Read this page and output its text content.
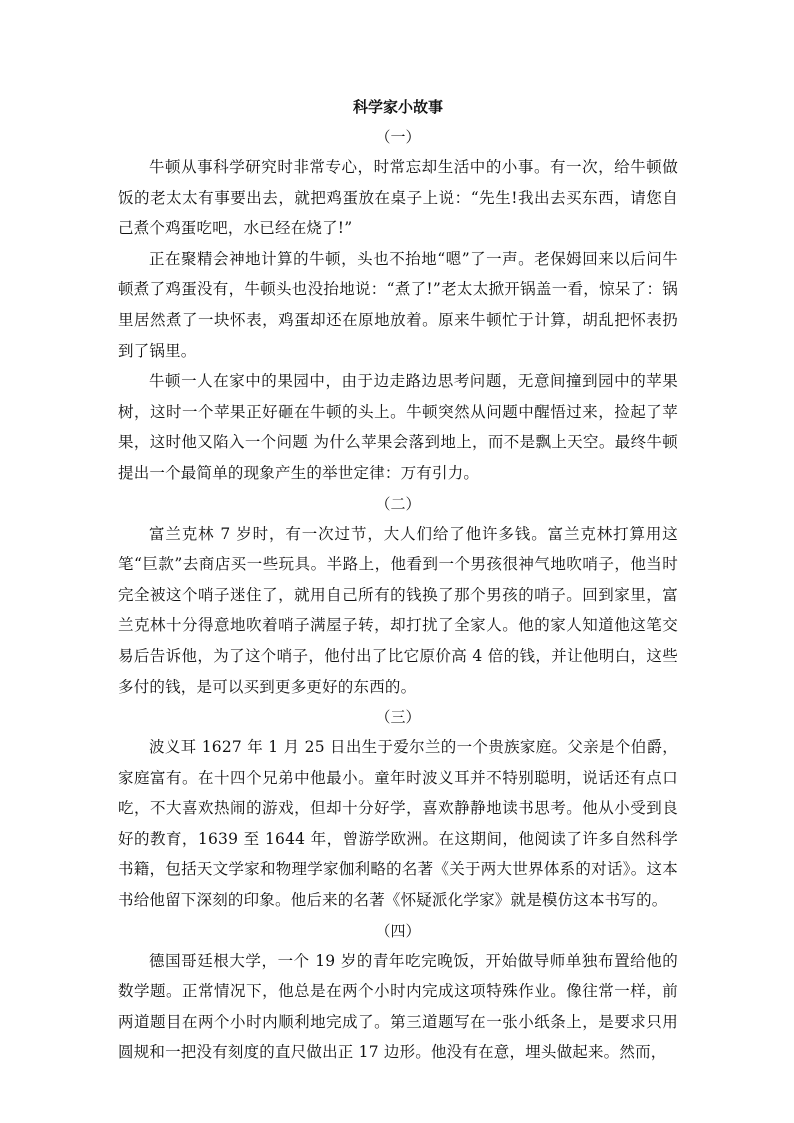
科学家小故事
（一）

牛顿从事科学研究时非常专心，时常忘却生活中的小事。有一次，给牛顿做饭的老太太有事要出去，就把鸡蛋放在桌子上说：“先生!我出去买东西，请您自己煮个鸡蛋吃吧，水已经在烧了!”

正在聚精会神地计算的牛顿，头也不抬地“嗯”了一声。老保姆回来以后问牛顿煮了鸡蛋没有，牛顿头也没抬地说：“煮了!”老太太掀开锅盖一看，惊呆了：锅里居然煮了一块怀表，鸡蛋却还在原地放着。原来牛顿忙于计算，胡乱把怀表扔到了锅里。

牛顿一人在家中的果园中，由于边走路边思考问题，无意间撞到园中的苹果树，这时一个苹果正好砸在牛顿的头上。牛顿突然从问题中醒悟过来，捡起了苹果，这时他又陷入一个问题 为什么苹果会落到地上，而不是飘上天空。最终牛顿提出一个最简单的现象产生的举世定律：万有引力。

（二）

富兰克林 7 岁时，有一次过节，大人们给了他许多钱。富兰克林打算用这笔“巨款”去商店买一些玩具。半路上，他看到一个男孩很神气地吹哨子，他当时完全被这个哨子迷住了，就用自己所有的钱换了那个男孩的哨子。回到家里，富兰克林十分得意地吹着哨子满屋子转，却打扰了全家人。他的家人知道他这笔交易后告诉他，为了这个哨子，他付出了比它原价高 4 倍的钱，并让他明白，这些多付的钱，是可以买到更多更好的东西的。

（三）

波义耳 1627 年 1 月 25 日出生于爱尔兰的一个贵族家庭。父亲是个伯爵，家庭富有。在十四个兄弟中他最小。童年时波义耳并不特别聪明，说话还有点口吃，不大喜欢热闹的游戏，但却十分好学，喜欢静静地读书思考。他从小受到良好的教育，1639 至 1644 年，曾游学欧洲。在这期间，他阅读了许多自然科学书籍，包括天文学家和物理学家伽利略的名著《关于两大世界体系的对话》。这本书给他留下深刻的印象。他后来的名著《怀疑派化学家》就是模仿这本书写的。

（四）

德国哥廷根大学，一个 19 岁的青年吃完晚饭，开始做导师单独布置给他的数学题。正常情况下，他总是在两个小时内完成这项特殊作业。像往常一样，前两道题目在两个小时内顺利地完成了。第三道题写在一张小纸条上，是要求只用圆规和一把没有刻度的直尺做出正 17 边形。他没有在意，埋头做起来。然而，
